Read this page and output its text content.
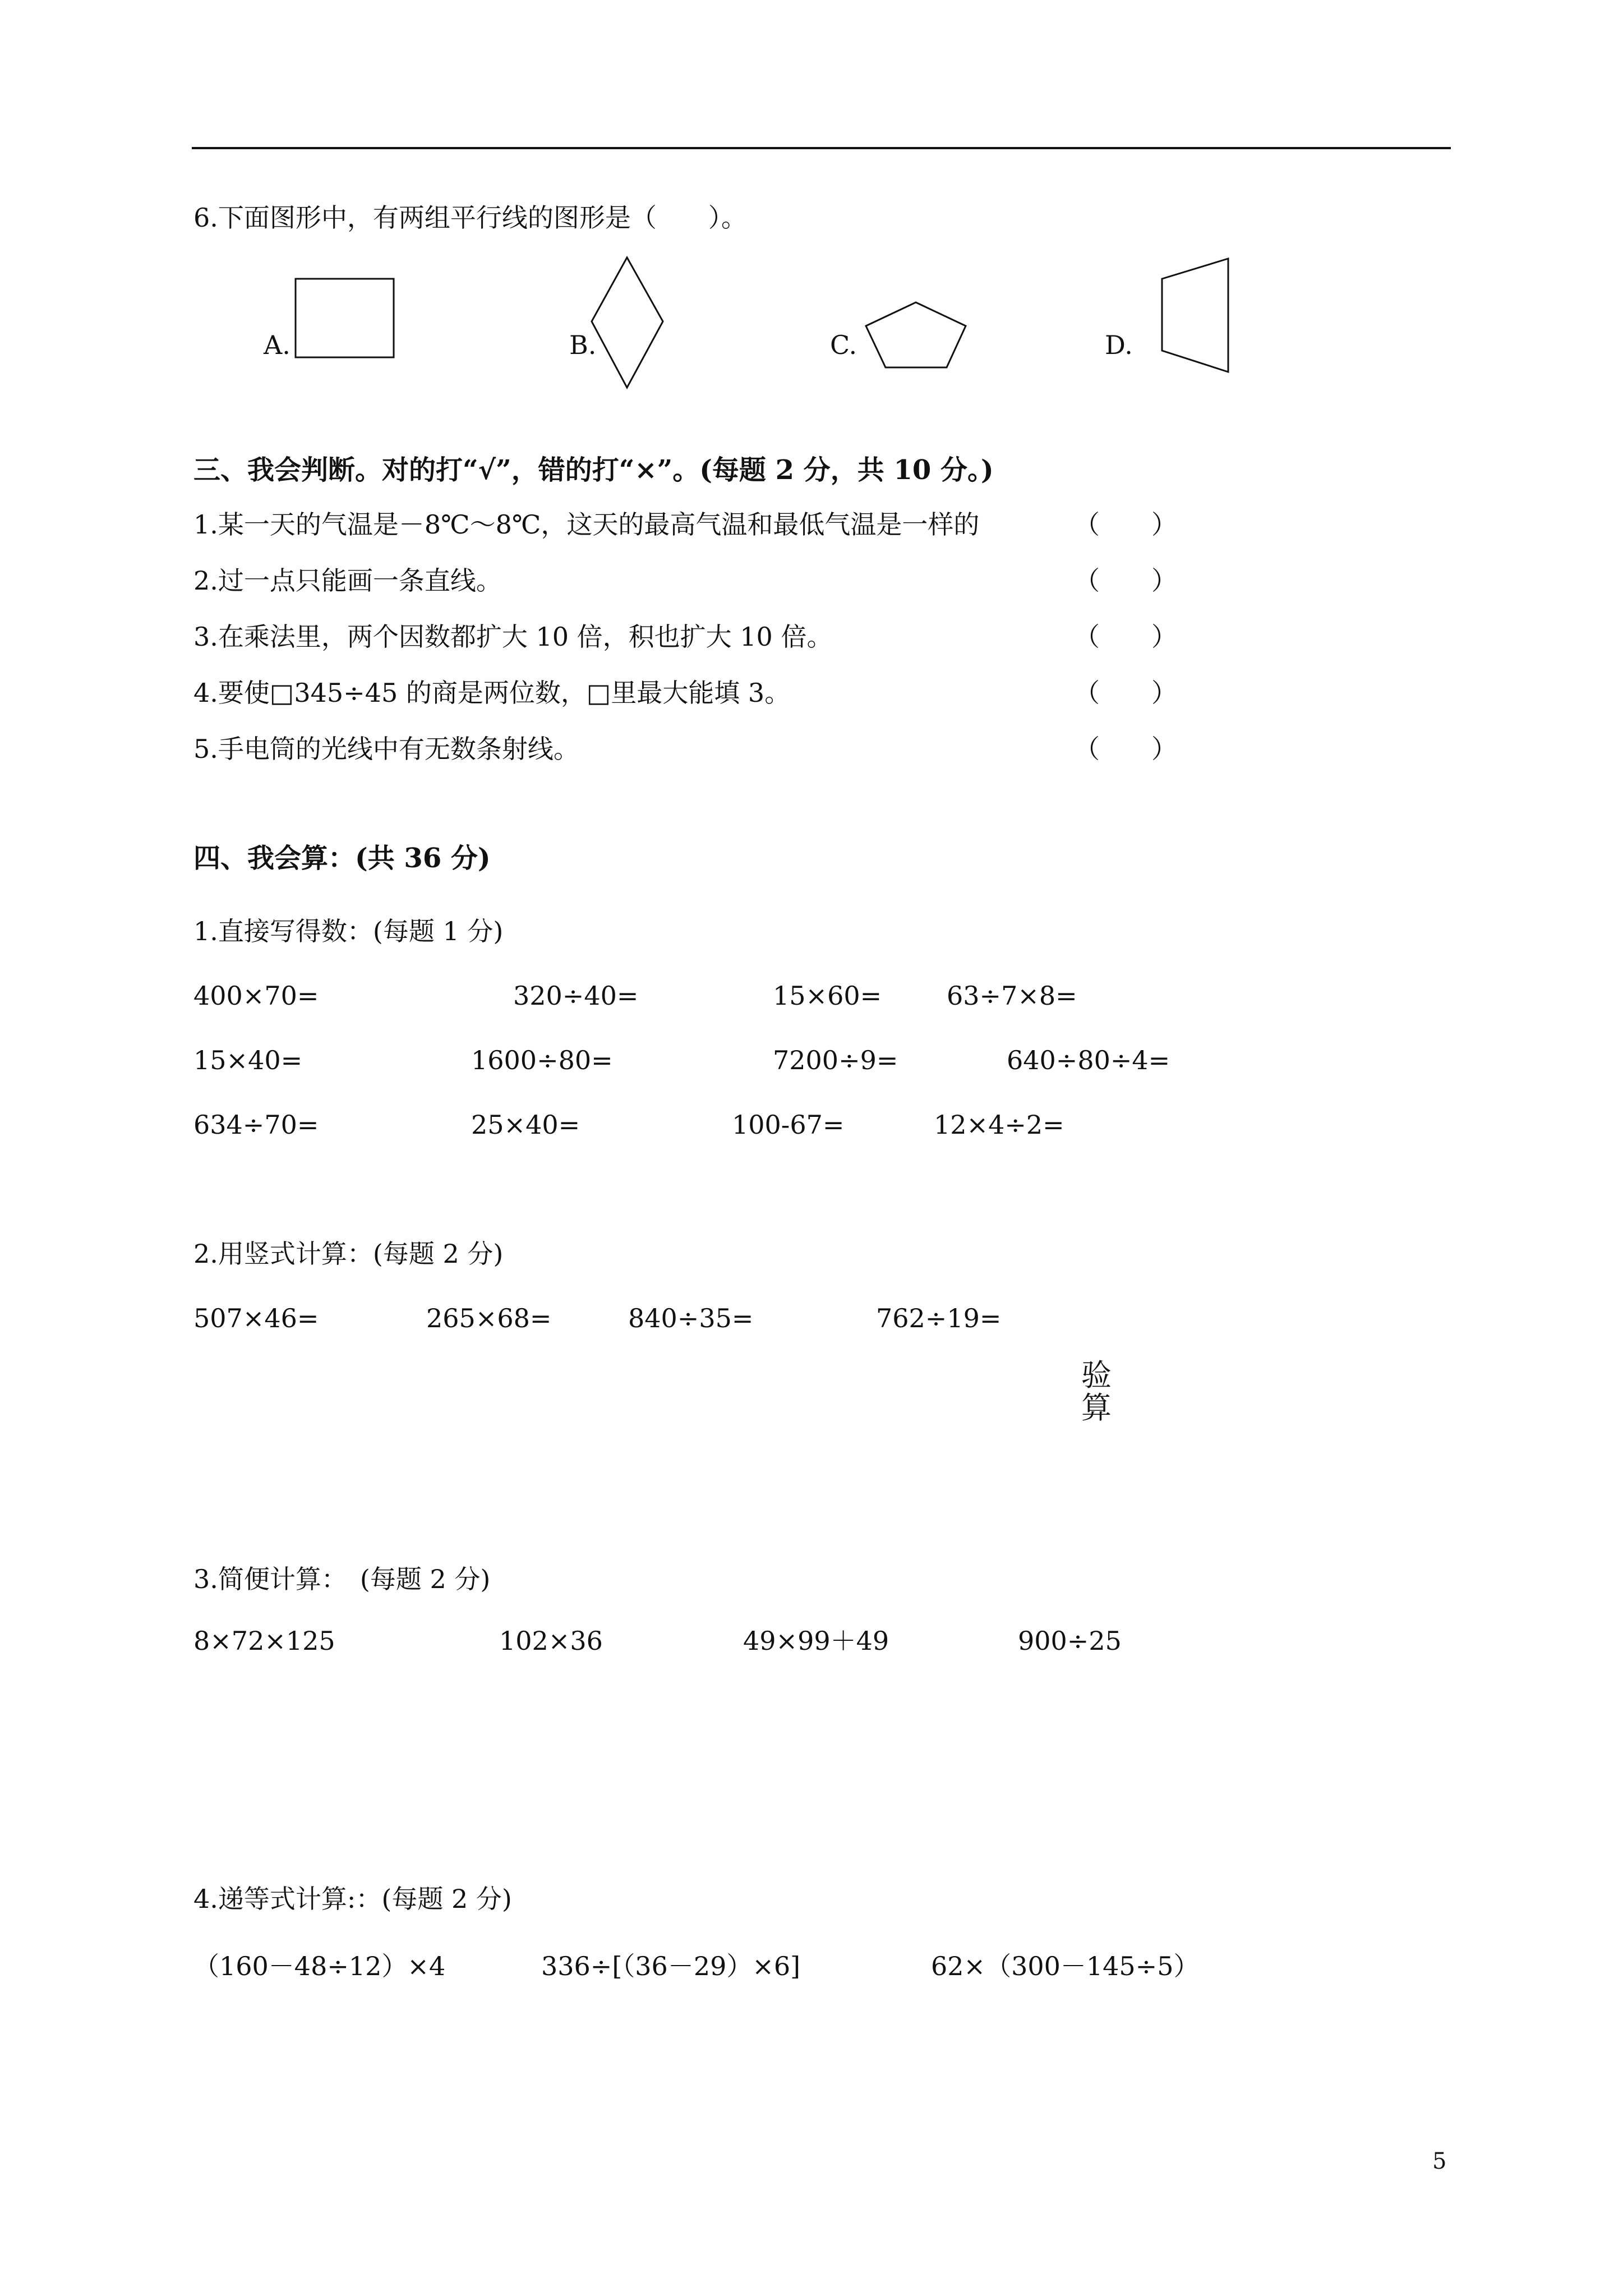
6.下面图形中，有两组平行线的图形是（　　）。
A.	B.	C.	D.
三、我会判断。对的打“√”，错的打“×”。(每题 2 分，共 10 分。)
1.某一天的气温是－8℃～8℃，这天的最高气温和最低气温是一样的	（　　）
2.过一点只能画一条直线。	（　　）
3.在乘法里，两个因数都扩大 10 倍，积也扩大 10 倍。	（　　）
4.要使□345÷45 的商是两位数，□里最大能填 3。	（　　）
5.手电筒的光线中有无数条射线。	（　　）
四、我会算：(共 36 分)
1.直接写得数：(每题 1 分)
400×70=	320÷40=	15×60=	63÷7×8=
15×40=	1600÷80=	7200÷9=	640÷80÷4=
634÷70=	25×40=	100-67=	12×4÷2=
2.用竖式计算：(每题 2 分)
507×46=	265×68=	840÷35=	762÷19=
验
算
3.简便计算：　(每题 2 分)
8×72×125	102×36	49×99＋49	900÷25
4.递等式计算:：(每题 2 分)
（160－48÷12）×4	336÷[（36－29）×6]	62×（300－145÷5）
5
